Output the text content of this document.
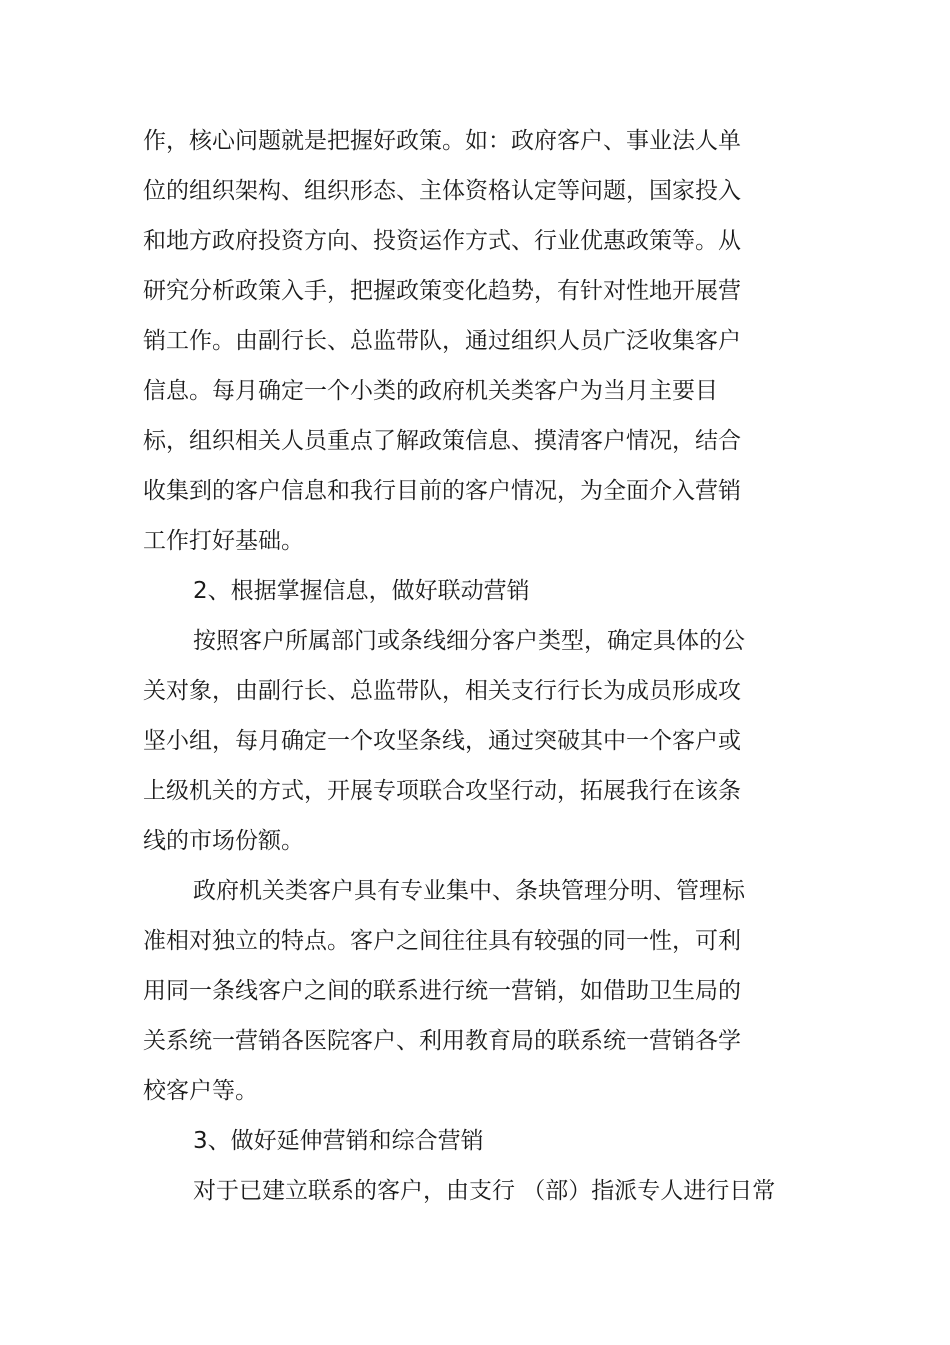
作，核心问题就是把握好政策。如：政府客户、事业法人单
位的组织架构、组织形态、主体资格认定等问题，国家投入
和地方政府投资方向、投资运作方式、行业优惠政策等。从
研究分析政策入手，把握政策变化趋势，有针对性地开展营
销工作。由副行长、总监带队，通过组织人员广泛收集客户
信息。每月确定一个小类的政府机关类客户为当月主要目
标，组织相关人员重点了解政策信息、摸清客户情况，结合
收集到的客户信息和我行目前的客户情况，为全面介入营销
工作打好基础。
2、根据掌握信息，做好联动营销
按照客户所属部门或条线细分客户类型，确定具体的公
关对象，由副行长、总监带队，相关支行行长为成员形成攻
坚小组，每月确定一个攻坚条线，通过突破其中一个客户或
上级机关的方式，开展专项联合攻坚行动，拓展我行在该条
线的市场份额。
政府机关类客户具有专业集中、条块管理分明、管理标
准相对独立的特点。客户之间往往具有较强的同一性，可利
用同一条线客户之间的联系进行统一营销，如借助卫生局的
关系统一营销各医院客户、利用教育局的联系统一营销各学
校客户等。
3、做好延伸营销和综合营销
对于已建立联系的客户，由支行 （部）指派专人进行日常
